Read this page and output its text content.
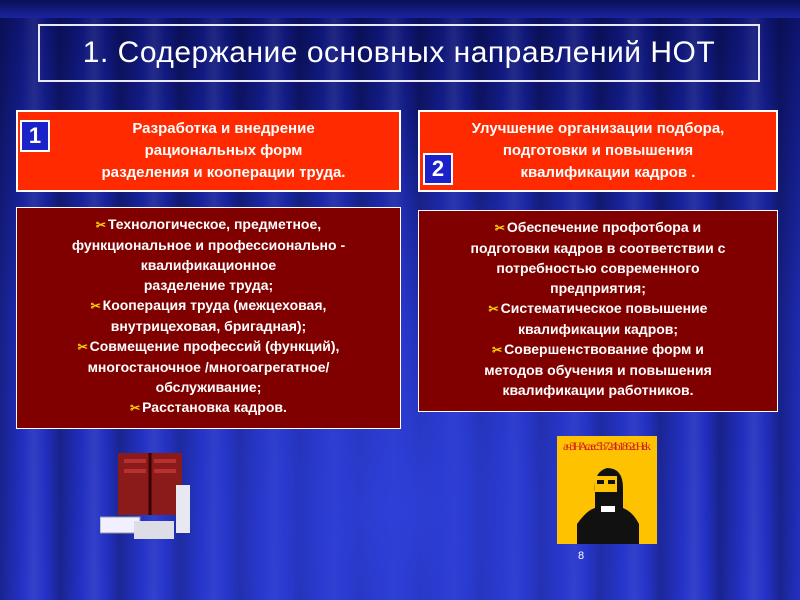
1. Содержание основных направлений НОТ
Разработка и внедрение
рациональных форм
разделения и кооперации труда.
1	Улучшение организации подбора,
подготовки и повышения
квалификации кадров .
2
✂ Технологическое, предметное,
функциональное и профессионально -
квалификационное
разделение труда;
✂ Кооперация труда (межцеховая,
внутрицеховая, бригадная);
✂ Совмещение профессий (функций),
многостаночное /многоагрегатное/
обслуживание;
✂ Расстановка кадров.
✂ Обеспечение профотбора и
подготовки кадров в соответствии с
потребностью современного
предприятия;
✂ Систематическое повышение
квалификации кадров;
✂ Совершенствование форм и
методов обучения и повышения
квалификации работников.
a ч 3 H A c a e c 5 b 7 2 4 b 1 8 6 2 c H e k
8
